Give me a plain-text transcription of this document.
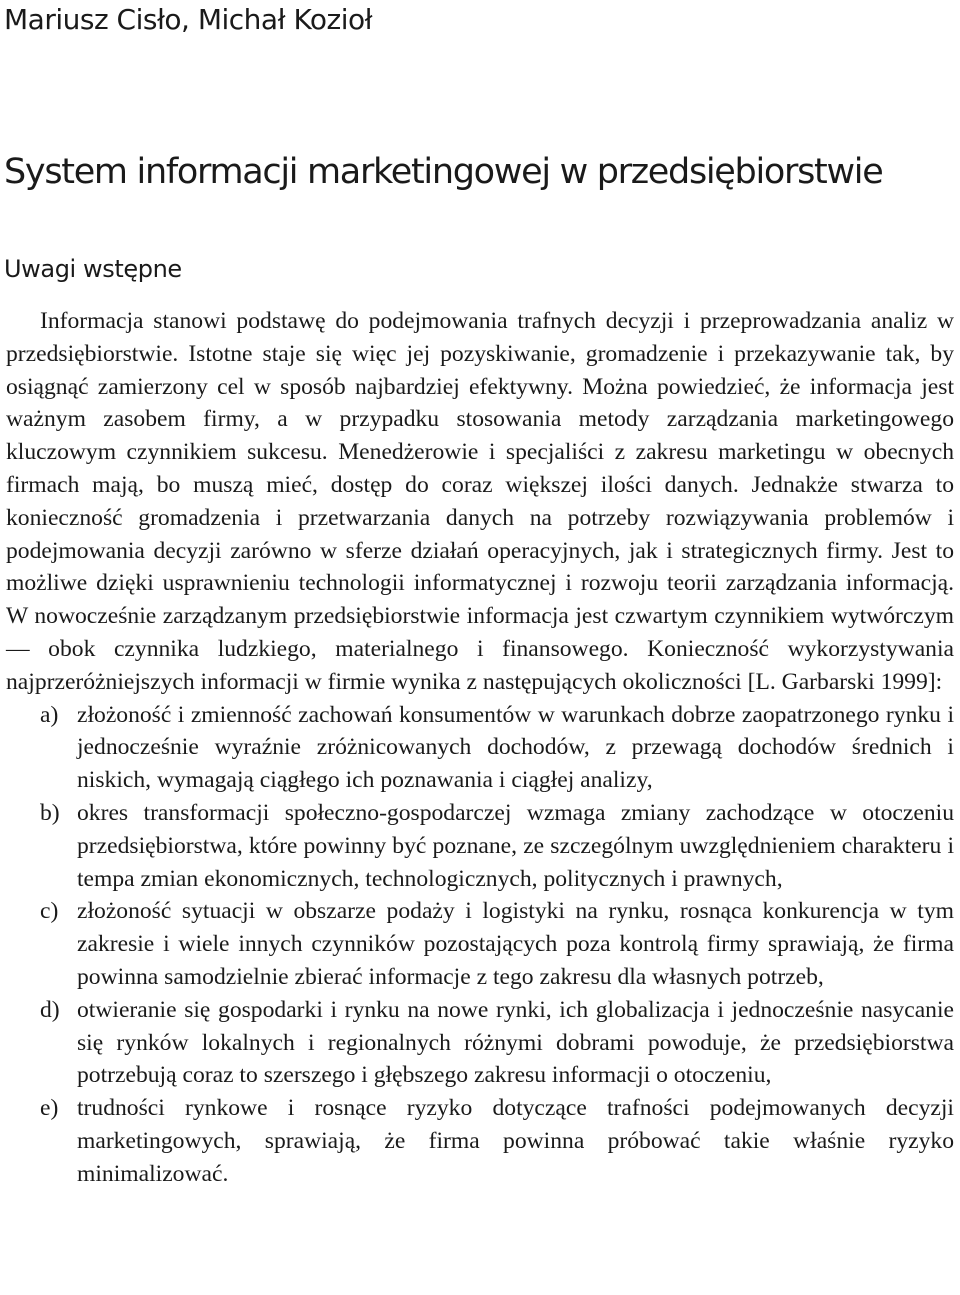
Mariusz Cisło, Michał Kozioł
System informacji marketingowej w przedsiębiorstwie
Uwagi wstępne

Informacja stanowi podstawę do podejmowania trafnych decyzji i przeprowadzania analiz w przedsiębiorstwie. Istotne staje się więc jej pozyskiwanie, gromadzenie i przekazywanie tak, by osiągnąć zamierzony cel w sposób najbardziej efektywny. Można powiedzieć, że informacja jest ważnym zasobem firmy, a w przypadku stosowania metody zarządzania marketingowego kluczowym czynnikiem sukcesu. Menedżerowie i specjaliści z zakresu marketingu w obecnych firmach mają, bo muszą mieć, dostęp do coraz większej ilości danych. Jednakże stwarza to konieczność gromadzenia i przetwarzania danych na potrzeby rozwiązywania problemów i podejmowania decyzji zarówno w sferze działań operacyjnych, jak i strategicznych firmy. Jest to możliwe dzięki usprawnieniu technologii informatycznej i rozwoju teorii zarządzania informacją. W nowocześnie zarządzanym przedsiębiorstwie informacja jest czwartym czynnikiem wytwórczym — obok czynnika ludzkiego, materialnego i finansowego. Konieczność wykorzystywania najprzeróżniejszych informacji w firmie wynika z następujących okoliczności [L. Garbarski 1999]:

a) złożoność i zmienność zachowań konsumentów w warunkach dobrze zaopatrzonego rynku i jednocześnie wyraźnie zróżnicowanych dochodów, z przewagą dochodów średnich i niskich, wymagają ciągłego ich poznawania i ciągłej analizy,
b) okres transformacji społeczno-gospodarczej wzmaga zmiany zachodzące w otoczeniu przedsiębiorstwa, które powinny być poznane, ze szczególnym uwzględnieniem charakteru i tempa zmian ekonomicznych, technologicznych, politycznych i prawnych,
c) złożoność sytuacji w obszarze podaży i logistyki na rynku, rosnąca konkurencja w tym zakresie i wiele innych czynników pozostających poza kontrolą firmy sprawiają, że firma powinna samodzielnie zbierać informacje z tego zakresu dla własnych potrzeb,
d) otwieranie się gospodarki i rynku na nowe rynki, ich globalizacja i jednocześnie nasycanie się rynków lokalnych i regionalnych różnymi dobrami powoduje, że przedsiębiorstwa potrzebują coraz to szerszego i głębszego zakresu informacji o otoczeniu,
e) trudności rynkowe i rosnące ryzyko dotyczące trafności podejmowanych decyzji marketingowych, sprawiają, że firma powinna próbować takie właśnie ryzyko minimalizować.
